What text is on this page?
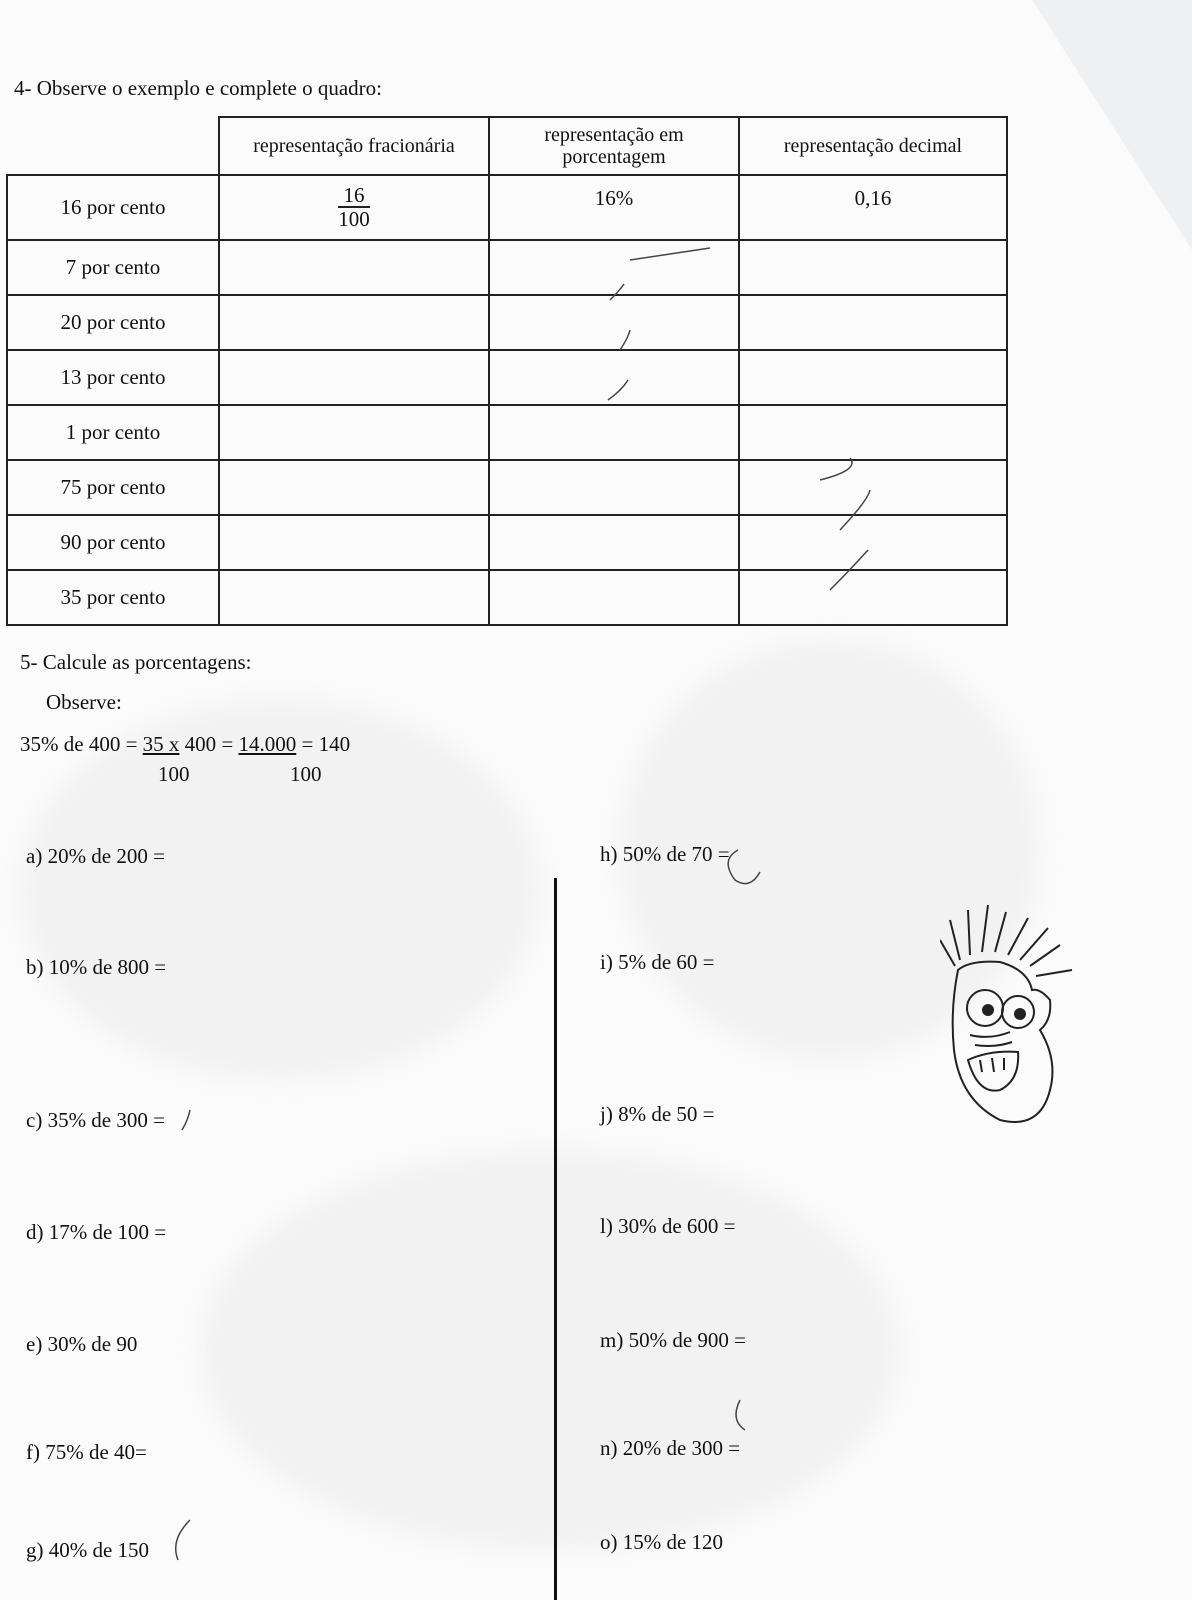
4- Observe o exemplo e complete o quadro:
	representação fracionária	representação em porcentagem	representação decimal
16 por cento	$\frac{16}{100}$	16%	0,16
7 por cento			
20 por cento			
13 por cento			
1 por cento			
75 por cento			
90 por cento			
35 por cento			
5- Calcule as porcentagens:
Observe:
35% de 400 = 35 x 400 = 14.000 = 140
100	100
a) 20% de 200 =
b) 10% de 800 =
c) 35% de 300 =
d) 17% de 100 =
e) 30% de 90
f) 75% de 40=
g) 40% de 150
h) 50% de 70 =
i) 5% de 60 =
j) 8% de 50 =
l) 30% de 600 =
m) 50% de 900 =
n) 20% de 300 =
o) 15% de 120
